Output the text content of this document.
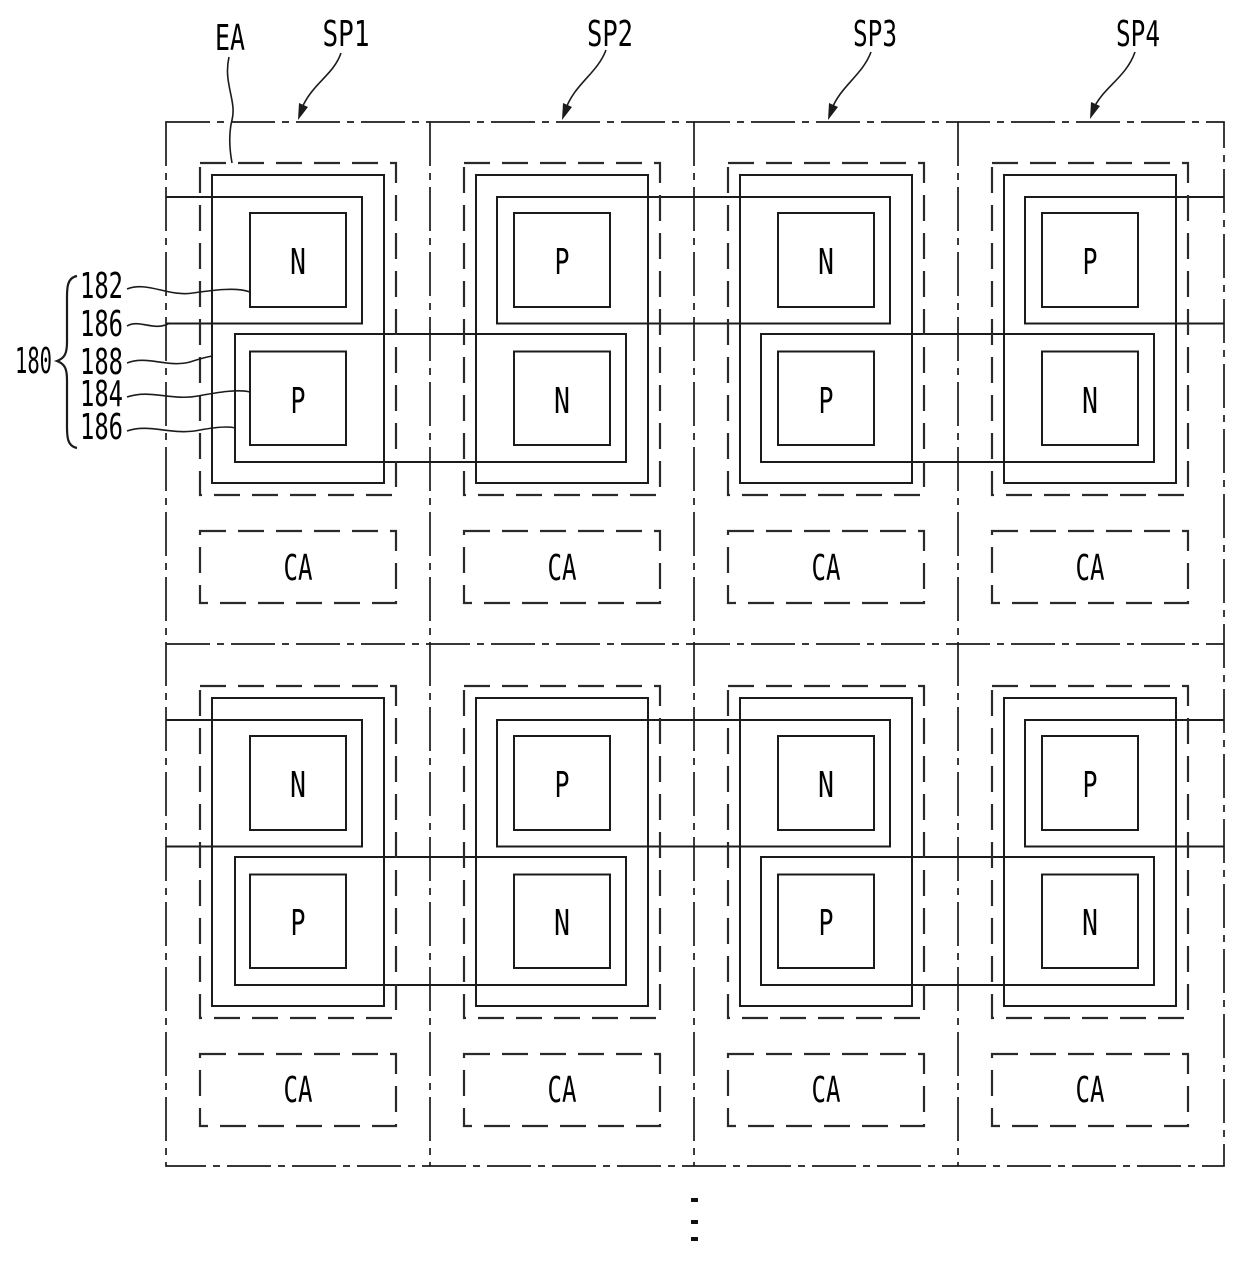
N
P
CA
P
N
CA
N
P
CA
P
N
CA
N
P
CA
P
N
CA
N
P
CA
P
N
CA
EA SP1	SP2	SP3	SP4
180
182
186
188
184
186
